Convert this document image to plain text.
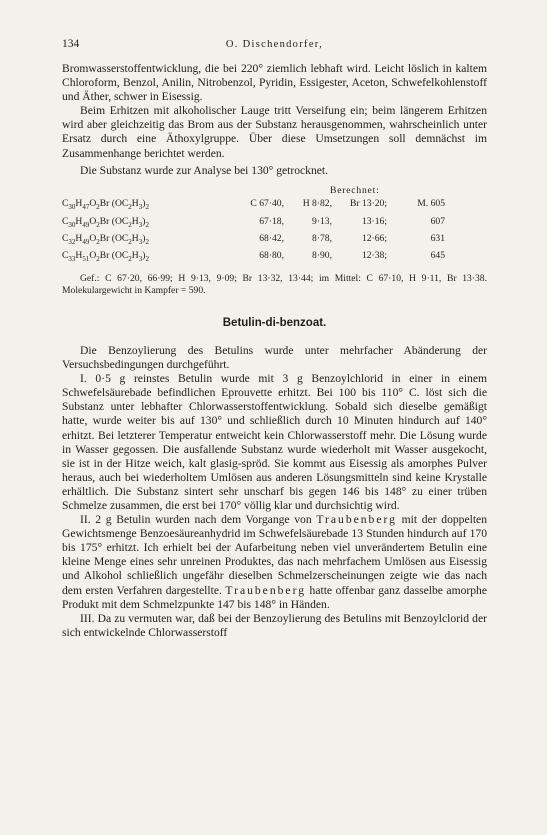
134	O. Dischendorfer,

Bromwasserstoffentwicklung, die bei 220° ziemlich lebhaft wird. Leicht löslich in kaltem Chloroform, Benzol, Anilin, Nitrobenzol, Pyridin, Essigester, Aceton, Schwefelkohlenstoff und Äther, schwer in Eisessig.

Beim Erhitzen mit alkoholischer Lauge tritt Verseifung ein; beim längerem Erhitzen wird aber gleichzeitig das Brom aus der Substanz herausgenommen, wahrscheinlich unter Ersatz durch eine Äthoxylgruppe. Über diese Umsetzungen soll demnächst im Zusammenhange berichtet werden.

Die Substanz wurde zur Analyse bei 130° getrocknet.

Berechnet:
$C_{30}H_{47}O_2Br$ $(OC_2H_3)_2$	C 67·40,	H 8·82,	Br 13·20;	M. 605
$C_{30}H_{49}O_2Br$ $(OC_2H_3)_2$	67·18,	9·13,	13·16;	607
$C_{32}H_{49}O_2Br$ $(OC_2H_3)_2$	68·42,	8·78,	12·66;	631
$C_{33}H_{51}O_2Br$ $(OC_2H_3)_2$	68·80,	8·90,	12·38;	645

Gef.: C 67·20, 66·99; H 9·13, 9·09; Br 13·32, 13·44; im Mittel: C 67·10, H 9·11, Br 13·38. Molekulargewicht in Kampfer = 590.

Betulin-di-benzoat.

Die Benzoylierung des Betulins wurde unter mehrfacher Abänderung der Versuchsbedingungen durchgeführt.

I. 0·5 g reinstes Betulin wurde mit 3 g Benzoylchlorid in einer in einem Schwefelsäurebade befindlichen Eprouvette erhitzt. Bei 100 bis 110° C. löst sich die Substanz unter lebhafter Chlorwasserstoffentwicklung. Sobald sich dieselbe gemäßigt hatte, wurde weiter bis auf 130° und schließlich durch 10 Minuten hindurch auf 140° erhitzt. Bei letzterer Temperatur entweicht kein Chlorwasserstoff mehr. Die Lösung wurde in Wasser gegossen. Die ausfallende Substanz wurde wiederholt mit Wasser ausgekocht, sie ist in der Hitze weich, kalt glasig-spröd. Sie kommt aus Eisessig als amorphes Pulver heraus, auch bei wiederholtem Umlösen aus anderen Lösungsmitteln sind keine Krystalle erhältlich. Die Substanz sintert sehr unscharf bis gegen 146 bis 148° zu einer trüben Schmelze zusammen, die erst bei 170° völlig klar und durchsichtig wird.

II. 2 g Betulin wurden nach dem Vorgange von Traubenberg mit der doppelten Gewichtsmenge Benzoesäureanhydrid im Schwefelsäurebade 13 Stunden hindurch auf 170 bis 175° erhitzt. Ich erhielt bei der Aufarbeitung neben viel unverändertem Betulin eine kleine Menge eines sehr unreinen Produktes, das nach mehrfachem Umlösen aus Eisessig und Alkohol schließlich ungefähr dieselben Schmelzerscheinungen zeigte wie das nach dem ersten Verfahren dargestellte. Traubenberg hatte offenbar ganz dasselbe amorphe Produkt mit dem Schmelzpunkte 147 bis 148° in Händen.

III. Da zu vermuten war, daß bei der Benzoylierung des Betulins mit Benzoylclorid der sich entwickelnde Chlorwasserstoff
